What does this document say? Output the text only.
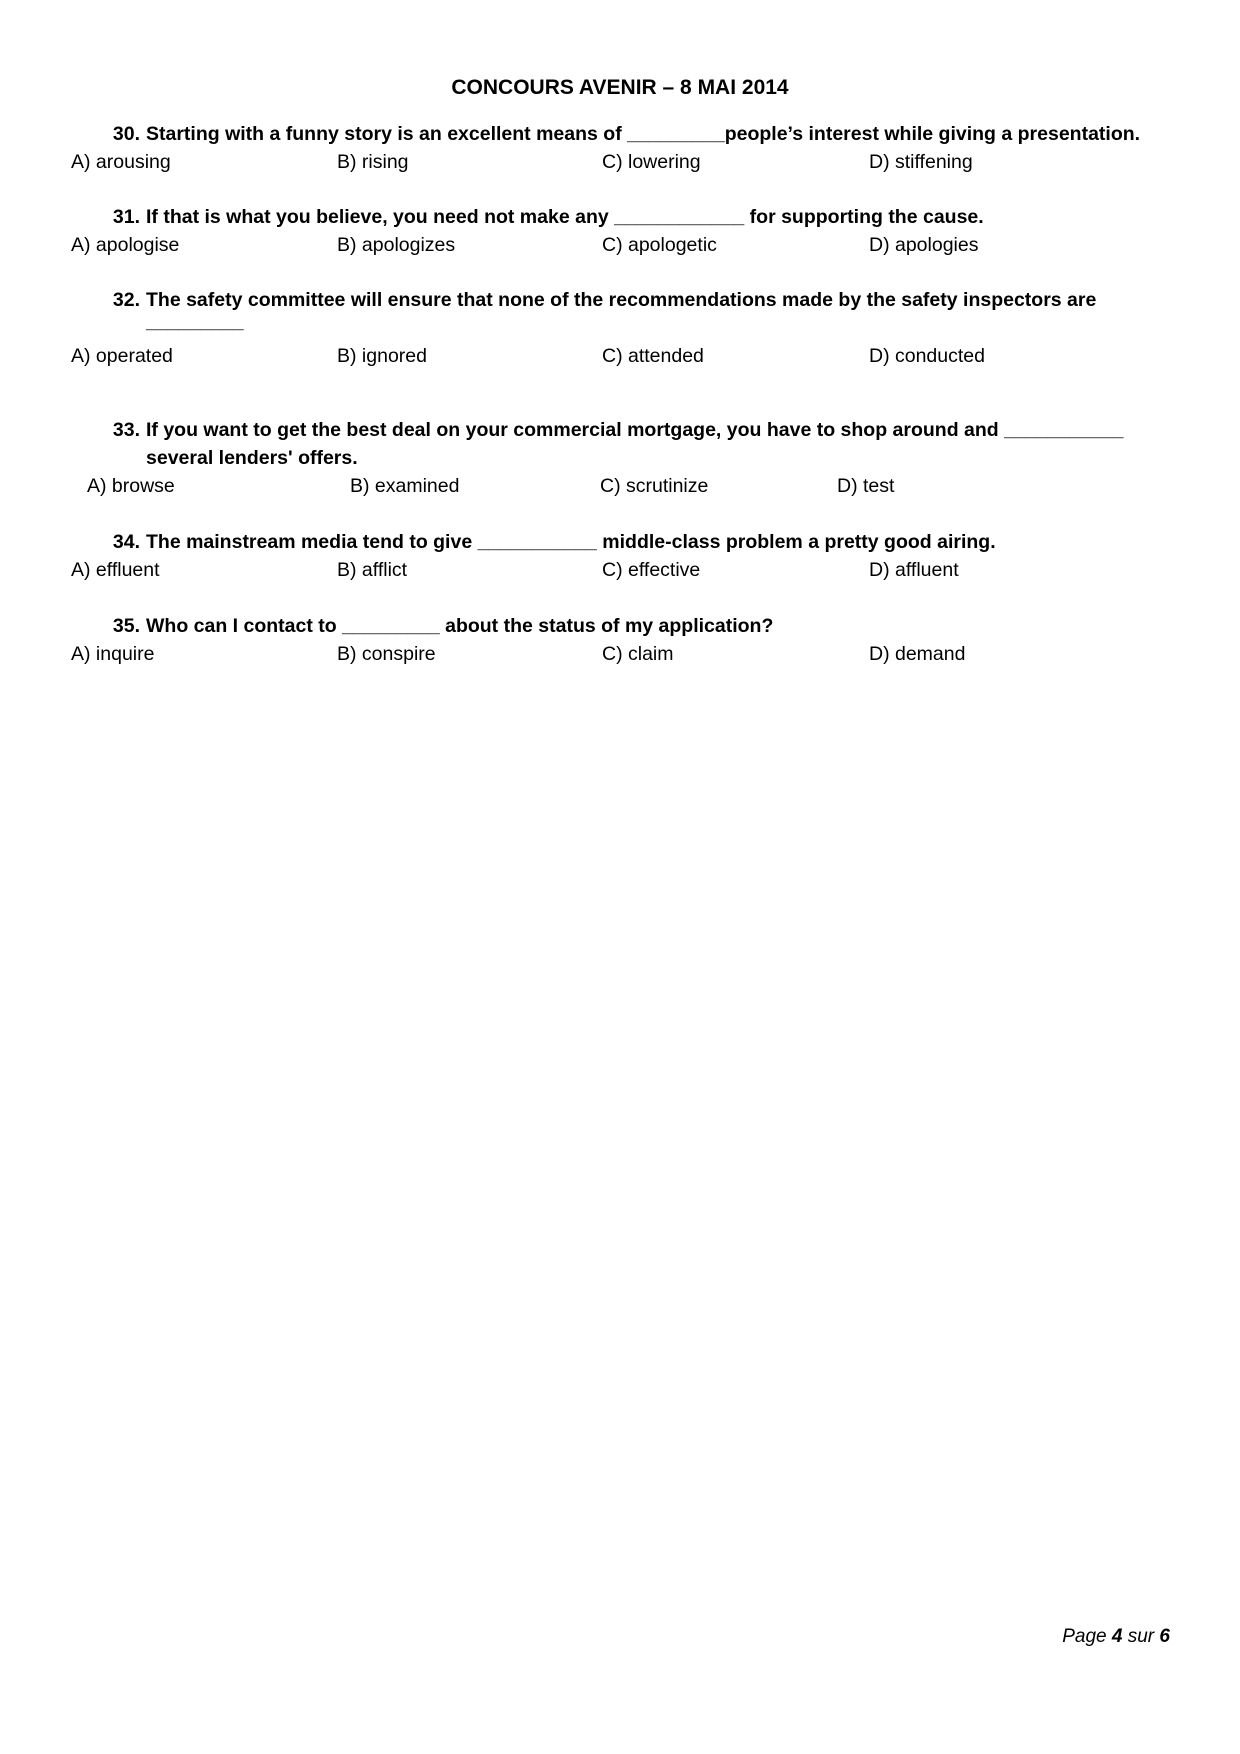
CONCOURS AVENIR – 8 MAI 2014
30. Starting with a funny story is an excellent means of _________people’s interest while giving a presentation.
A) arousing	B) rising	C) lowering	D) stiffening
31. If that is what you believe, you need not make any ____________ for supporting the cause.
A) apologise	B) apologizes	C) apologetic	D) apologies
32. The safety committee will ensure that none of the recommendations made by the safety inspectors are
_________
A) operated	B) ignored	C) attended	D) conducted
33. If you want to get the best deal on your commercial mortgage, you have to shop around and ___________ several lenders' offers.
A) browse	B) examined	C) scrutinize	D) test
34. The mainstream media tend to give ___________ middle-class problem a pretty good airing.
A) effluent	B) afflict	C) effective	D) affluent
35. Who can I contact to _________ about the status of my application?
A) inquire	B) conspire	C) claim	D) demand
Page 4 sur 6
